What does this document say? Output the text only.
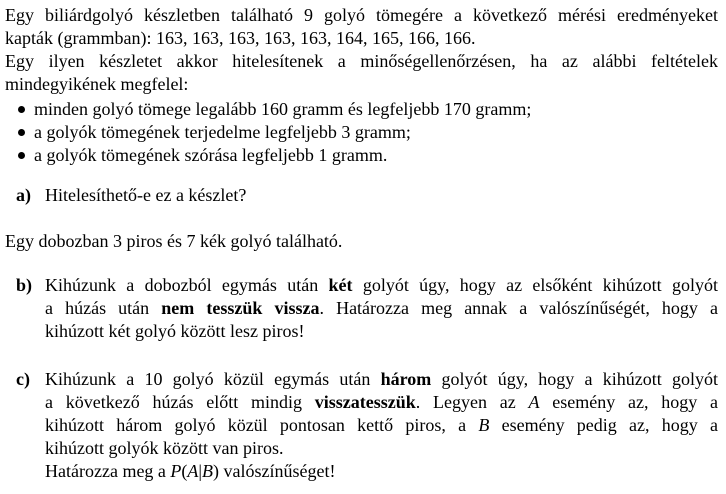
Egy biliárdgolyó készletben található 9 golyó tömegére a következő mérési eredményeket
kapták (grammban): 163, 163, 163, 163, 163, 164, 165, 166, 166.
Egy ilyen készletet akkor hitelesítenek a minőségellenőrzésen, ha az alábbi feltételek
mindegyikének megfelel:
minden golyó tömege legalább 160 gramm és legfeljebb 170 gramm;
a golyók tömegének terjedelme legfeljebb 3 gramm;
a golyók tömegének szórása legfeljebb 1 gramm.
a) Hitelesíthető-e ez a készlet?
Egy dobozban 3 piros és 7 kék golyó található.
b) Kihúzunk a dobozból egymás után két golyót úgy, hogy az elsőként kihúzott golyót
a húzás után nem tesszük vissza. Határozza meg annak a valószínűségét, hogy a
kihúzott két golyó között lesz piros!
c) Kihúzunk a 10 golyó közül egymás után három golyót úgy, hogy a kihúzott golyót
a következő húzás előtt mindig visszatesszük. Legyen az A esemény az, hogy a
kihúzott három golyó közül pontosan kettő piros, a B esemény pedig az, hogy a
kihúzott golyók között van piros.
Határozza meg a P(A|B) valószínűséget!
